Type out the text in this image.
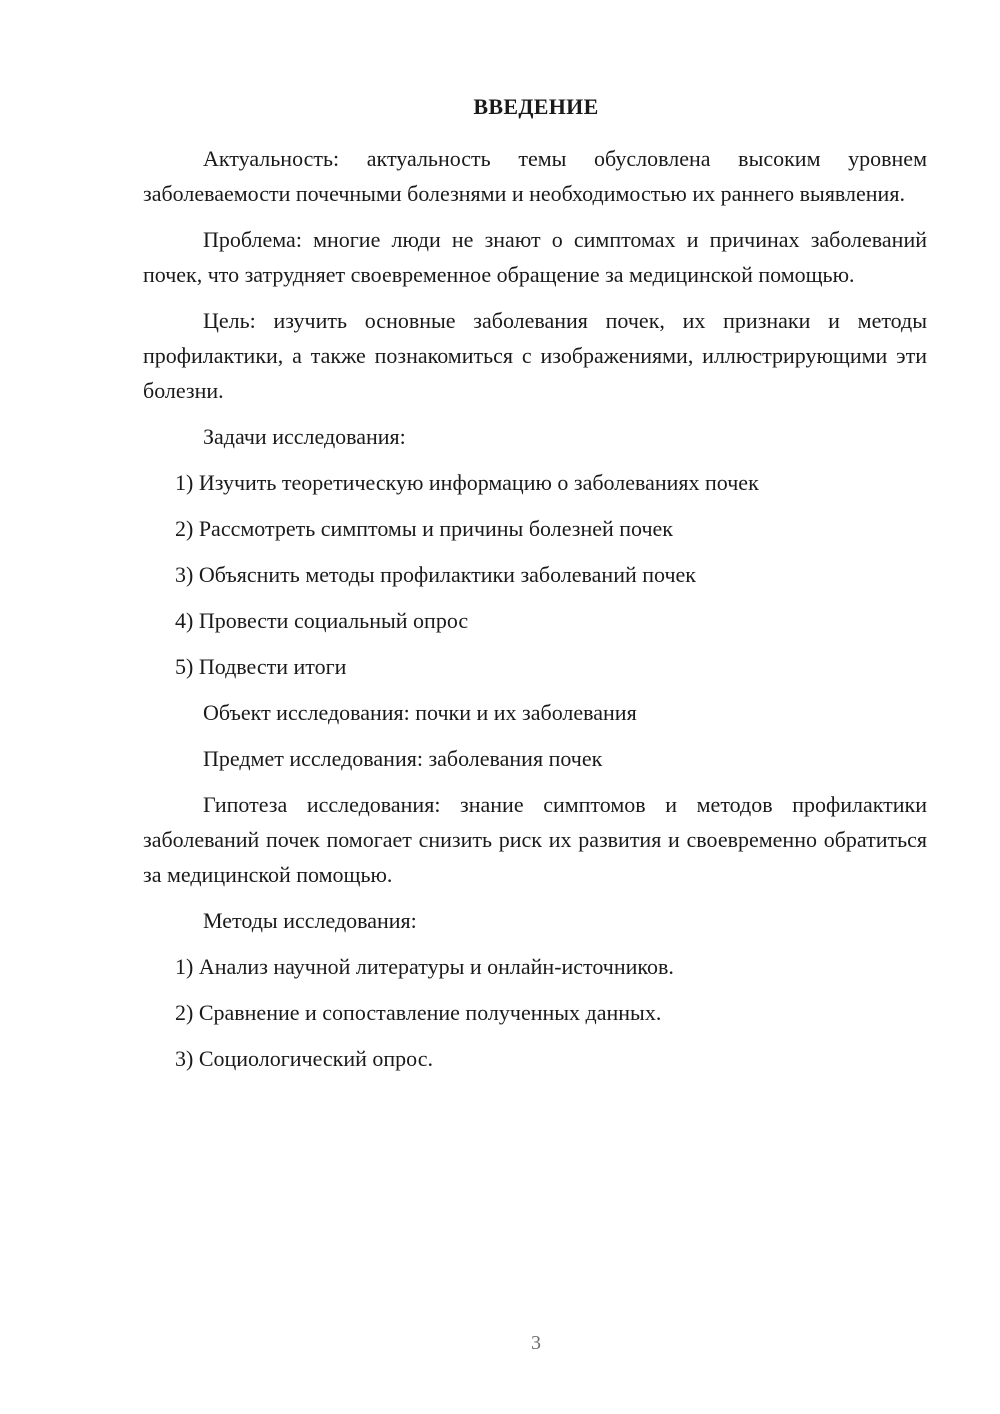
ВВЕДЕНИЕ

Актуальность: актуальность темы обусловлена высоким уровнем заболеваемости почечными болезнями и необходимостью их раннего выявления.

Проблема: многие люди не знают о симптомах и причинах заболеваний почек, что затрудняет своевременное обращение за медицинской помощью.

Цель: изучить основные заболевания почек, их признаки и методы профилактики, а также познакомиться с изображениями, иллюстрирующими эти болезни.

Задачи исследования:

1) Изучить теоретическую информацию о заболеваниях почек
2) Рассмотреть симптомы и причины болезней почек
3) Объяснить методы профилактики заболеваний почек
4) Провести социальный опрос
5) Подвести итоги

Объект исследования: почки и их заболевания

Предмет исследования: заболевания почек

Гипотеза исследования: знание симптомов и методов профилактики заболеваний почек помогает снизить риск их развития и своевременно обратиться за медицинской помощью.

Методы исследования:

1) Анализ научной литературы и онлайн-источников.
2) Сравнение и сопоставление полученных данных.
3) Социологический опрос.
3
